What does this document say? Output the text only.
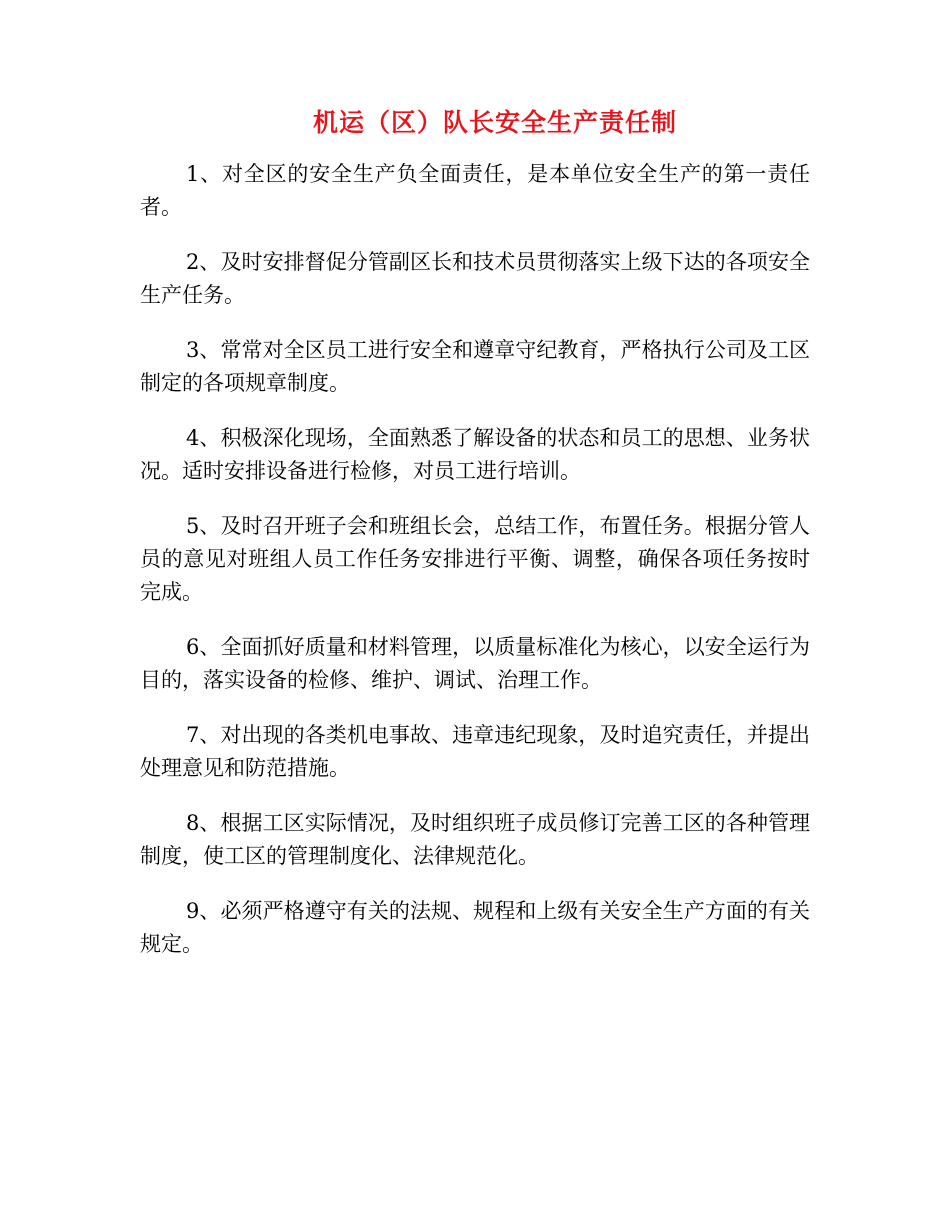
机运（区）队长安全生产责任制

1、对全区的安全生产负全面责任，是本单位安全生产的第一责任者。

2、及时安排督促分管副区长和技术员贯彻落实上级下达的各项安全生产任务。

3、常常对全区员工进行安全和遵章守纪教育，严格执行公司及工区制定的各项规章制度。

4、积极深化现场，全面熟悉了解设备的状态和员工的思想、业务状况。适时安排设备进行检修，对员工进行培训。

5、及时召开班子会和班组长会，总结工作，布置任务。根据分管人员的意见对班组人员工作任务安排进行平衡、调整，确保各项任务按时完成。

6、全面抓好质量和材料管理，以质量标准化为核心，以安全运行为目的，落实设备的检修、维护、调试、治理工作。

7、对出现的各类机电事故、违章违纪现象，及时追究责任，并提出处理意见和防范措施。

8、根据工区实际情况，及时组织班子成员修订完善工区的各种管理制度，使工区的管理制度化、法律规范化。

9、必须严格遵守有关的法规、规程和上级有关安全生产方面的有关规定。
